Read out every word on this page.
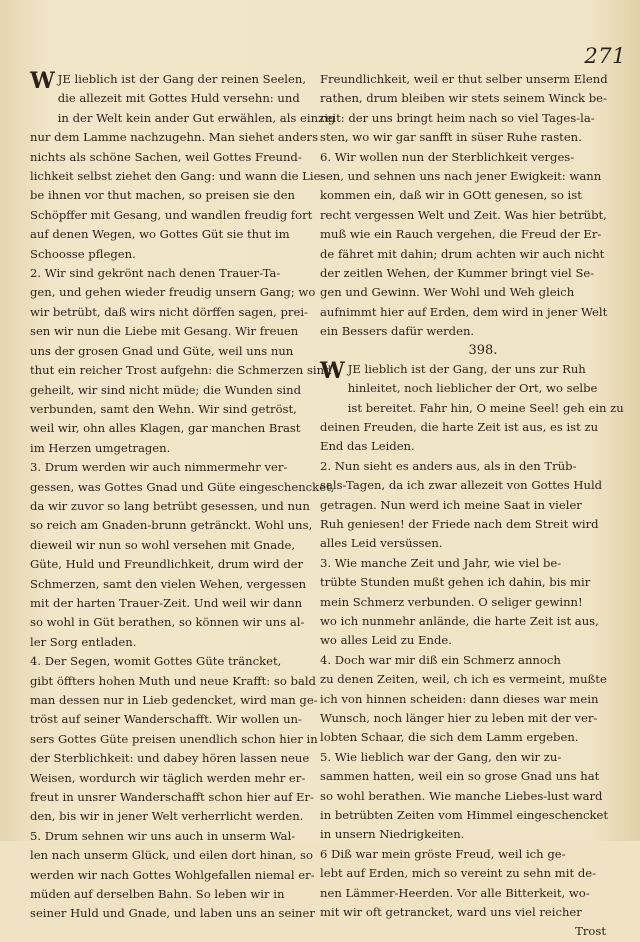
271
W JE lieblich ist der Gang der reinen Seelen,
die allezeit mit Gottes Huld versehn: und
in der Welt kein ander Gut erwählen, als einzig
nur dem Lamme nachzugehn. Man siehet anders
nichts als schöne Sachen, weil Gottes Freund-
lichkeit selbst ziehet den Gang: und wann die Lie-
be ihnen vor thut machen, so preisen sie den
Schöpffer mit Gesang, und wandlen freudig fort
auf denen Wegen, wo Gottes Güt sie thut im
Schoosse pflegen.
2. Wir sind gekrönt nach denen Trauer-Ta-
gen, und gehen wieder freudig unsern Gang; wo
wir betrübt, daß wirs nicht dörffen sagen, prei-
sen wir nun die Liebe mit Gesang. Wir freuen
uns der grosen Gnad und Güte, weil uns nun
thut ein reicher Trost aufgehn: die Schmerzen sind
geheilt, wir sind nicht müde; die Wunden sind
verbunden, samt den Wehn. Wir sind getröst,
weil wir, ohn alles Klagen, gar manchen Brast
im Herzen umgetragen.
3. Drum werden wir auch nimmermehr ver-
gessen, was Gottes Gnad und Güte eingeschencket,
da wir zuvor so lang betrübt gesessen, und nun
so reich am Gnaden-brunn getränckt. Wohl uns,
dieweil wir nun so wohl versehen mit Gnade,
Güte, Huld und Freundlichkeit, drum wird der
Schmerzen, samt den vielen Wehen, vergessen
mit der harten Trauer-Zeit. Und weil wir dann
so wohl in Güt berathen, so können wir uns al-
ler Sorg entladen.
4. Der Segen, womit Gottes Güte träncket,
gibt öffters hohen Muth und neue Krafft: so bald
man dessen nur in Lieb gedencket, wird man ge-
tröst auf seiner Wanderschafft. Wir wollen un-
sers Gottes Güte preisen unendlich schon hier in
der Sterblichkeit: und dabey hören lassen neue
Weisen, wordurch wir täglich werden mehr er-
freut in unsrer Wanderschafft schon hier auf Er-
den, bis wir in jener Welt verherrlicht werden.
5. Drum sehnen wir uns auch in unserm Wal-
len nach unserm Glück, und eilen dort hinan, so
werden wir nach Gottes Wohlgefallen niemal er-
müden auf derselben Bahn. So leben wir in
seiner Huld und Gnade, und laben uns an seiner
Freundlichkeit, weil er thut selber unserm Elend
rathen, drum bleiben wir stets seinem Winck be-
reit: der uns bringt heim nach so viel Tages-la-
sten, wo wir gar sanfft in süser Ruhe rasten.
6. Wir wollen nun der Sterblichkeit verges-
sen, und sehnen uns nach jener Ewigkeit: wann
kommen ein, daß wir in GOtt genesen, so ist
recht vergessen Welt und Zeit. Was hier betrübt,
muß wie ein Rauch vergehen, die Freud der Er-
de fähret mit dahin; drum achten wir auch nicht
der zeitlen Wehen, der Kummer bringt viel Se-
gen und Gewinn. Wer Wohl und Weh gleich
aufnimmt hier auf Erden, dem wird in jener Welt
ein Bessers dafür werden.
398.
W JE lieblich ist der Gang, der uns zur Ruh
hinleitet, noch lieblicher der Ort, wo selbe
ist bereitet. Fahr hin, O meine Seel! geh ein zu
deinen Freuden, die harte Zeit ist aus, es ist zu
End das Leiden.
2. Nun sieht es anders aus, als in den Trüb-
sals-Tagen, da ich zwar allezeit von Gottes Huld
getragen. Nun werd ich meine Saat in vieler
Ruh geniesen! der Friede nach dem Streit wird
alles Leid versüssen.
3. Wie manche Zeit und Jahr, wie viel be-
trübte Stunden mußt gehen ich dahin, bis mir
mein Schmerz verbunden. O seliger gewinn!
wo ich nunmehr anlände, die harte Zeit ist aus,
wo alles Leid zu Ende.
4. Doch war mir diß ein Schmerz annoch
zu denen Zeiten, weil, ch ich es vermeint, mußte
ich von hinnen scheiden: dann dieses war mein
Wunsch, noch länger hier zu leben mit der ver-
lobten Schaar, die sich dem Lamm ergeben.
5. Wie lieblich war der Gang, den wir zu-
sammen hatten, weil ein so grose Gnad uns hat
so wohl berathen. Wie manche Liebes-lust ward
in betrübten Zeiten vom Himmel eingeschencket
in unsern Niedrigkeiten.
6 Diß war mein gröste Freud, weil ich ge-
lebt auf Erden, mich so vereint zu sehn mit de-
nen Lämmer-Heerden. Vor alle Bitterkeit, wo-
mit wir oft getrancket, ward uns viel reicher
Trost
